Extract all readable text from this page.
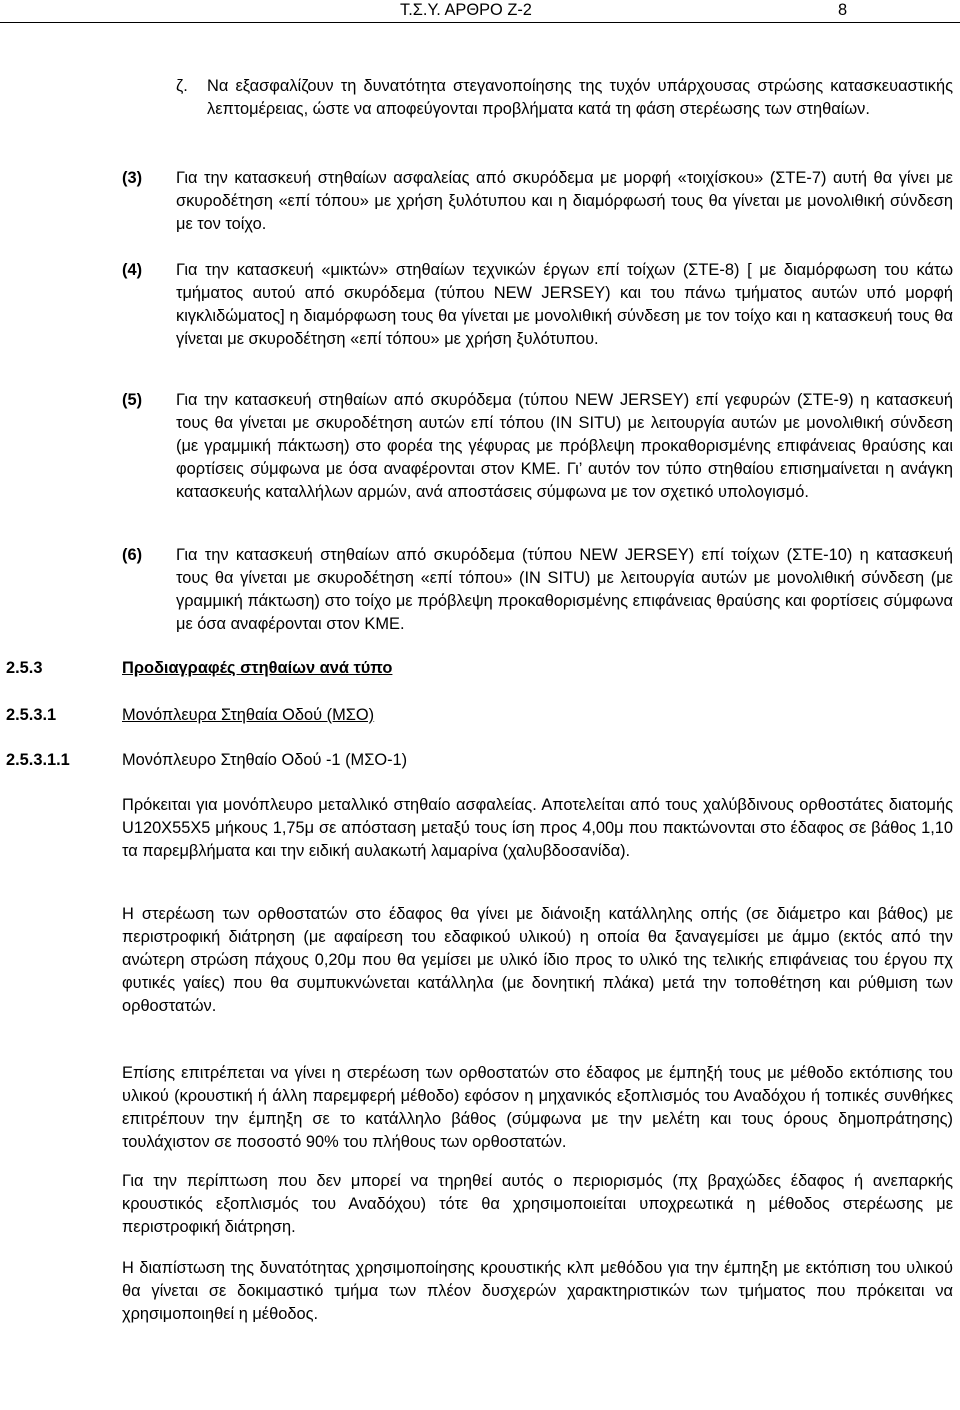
Τ.Σ.Υ. ΑΡΘΡΟ Ζ-2	8
ζ. Να εξασφαλίζουν τη δυνατότητα στεγανοποίησης της τυχόν υπάρχουσας στρώσης κατασκευαστικής λεπτομέρειας, ώστε να αποφεύγονται προβλήματα κατά τη φάση στερέωσης των στηθαίων.
(3) Για την κατασκευή στηθαίων ασφαλείας από σκυρόδεμα με μορφή «τοιχίσκου» (ΣΤΕ-7) αυτή θα γίνει με σκυροδέτηση «επί τόπου» με χρήση ξυλότυπου και η διαμόρφωσή τους θα γίνεται με μονολιθική σύνδεση με τον τοίχο.
(4) Για την κατασκευή «μικτών» στηθαίων τεχνικών έργων επί τοίχων (ΣΤΕ-8) [ με διαμόρφωση του κάτω τμήματος αυτού από σκυρόδεμα (τύπου NEW JERSEY) και του πάνω τμήματος αυτών υπό μορφή κιγκλιδώματος] η διαμόρφωση τους θα γίνεται με μονολιθική σύνδεση με τον τοίχο και η κατασκευή τους θα γίνεται με σκυροδέτηση «επί τόπου» με χρήση ξυλότυπου.
(5) Για την κατασκευή στηθαίων από σκυρόδεμα (τύπου NEW JERSEY) επί γεφυρών (ΣΤΕ-9) η κατασκευή τους θα γίνεται με σκυροδέτηση αυτών επί τόπου (IN SITU) με λειτουργία αυτών με μονολιθική σύνδεση (με γραμμική πάκτωση) στο φορέα της γέφυρας με πρόβλεψη προκαθορισμένης επιφάνειας θραύσης και φορτίσεις σύμφωνα με όσα αναφέρονται στον ΚΜΕ. Γι’ αυτόν τον τύπο στηθαίου επισημαίνεται η ανάγκη κατασκευής καταλλήλων αρμών, ανά αποστάσεις σύμφωνα με τον σχετικό υπολογισμό.
(6) Για την κατασκευή στηθαίων από σκυρόδεμα (τύπου NEW JERSEY) επί τοίχων (ΣΤΕ-10) η κατασκευή τους θα γίνεται με σκυροδέτηση «επί τόπου» (IN SITU) με λειτουργία αυτών με μονολιθική σύνδεση (με γραμμική πάκτωση) στο τοίχο με πρόβλεψη προκαθορισμένης επιφάνειας θραύσης και φορτίσεις σύμφωνα με όσα αναφέρονται στον ΚΜΕ.
2.5.3	Προδιαγραφές στηθαίων ανά τύπο
2.5.3.1	Μονόπλευρα Στηθαία Οδού (ΜΣΟ)
2.5.3.1.1	Μονόπλευρο Στηθαίο Οδού -1 (ΜΣΟ-1)
Πρόκειται για μονόπλευρο μεταλλικό στηθαίο ασφαλείας. Αποτελείται από τους χαλύβδινους ορθοστάτες διατομής U120X55X5 μήκους 1,75μ σε απόσταση μεταξύ τους ίση προς 4,00μ που πακτώνονται στο έδαφος σε βάθος 1,10 τα παρεμβλήματα και την ειδική αυλακωτή λαμαρίνα (χαλυβδοσανίδα).
Η στερέωση των ορθοστατών στο έδαφος θα γίνει με διάνοιξη κατάλληλης οπής (σε διάμετρο και βάθος) με περιστροφική διάτρηση (με αφαίρεση του εδαφικού υλικού) η οποία θα ξαναγεμίσει με άμμο (εκτός από την ανώτερη στρώση πάχους 0,20μ που θα γεμίσει με υλικό ίδιο προς το υλικό της τελικής επιφάνειας του έργου πχ φυτικές γαίες) που θα συμπυκνώνεται κατάλληλα (με δονητική πλάκα) μετά την τοποθέτηση και ρύθμιση των ορθοστατών.
Επίσης επιτρέπεται να γίνει η στερέωση των ορθοστατών στο έδαφος με έμπηξή τους με μέθοδο εκτόπισης του υλικού (κρουστική ή άλλη παρεμφερή μέθοδο) εφόσον η μηχανικός εξοπλισμός του Αναδόχου ή τοπικές συνθήκες επιτρέπουν την έμπηξη σε το κατάλληλο βάθος (σύμφωνα με την μελέτη και τους όρους δημοπράτησης) τουλάχιστον σε ποσοστό 90% του πλήθους των ορθοστατών.
Για την περίπτωση που δεν μπορεί να τηρηθεί αυτός ο περιορισμός (πχ βραχώδες έδαφος ή ανεπαρκής κρουστικός εξοπλισμός του Αναδόχου) τότε θα χρησιμοποιείται υποχρεωτικά η μέθοδος στερέωσης με περιστροφική διάτρηση.
Η διαπίστωση της δυνατότητας χρησιμοποίησης κρουστικής κλπ μεθόδου για την έμπηξη με εκτόπιση του υλικού θα γίνεται σε δοκιμαστικό τμήμα των πλέον δυσχερών χαρακτηριστικών των τμήματος που πρόκειται να χρησιμοποιηθεί η μέθοδος.
